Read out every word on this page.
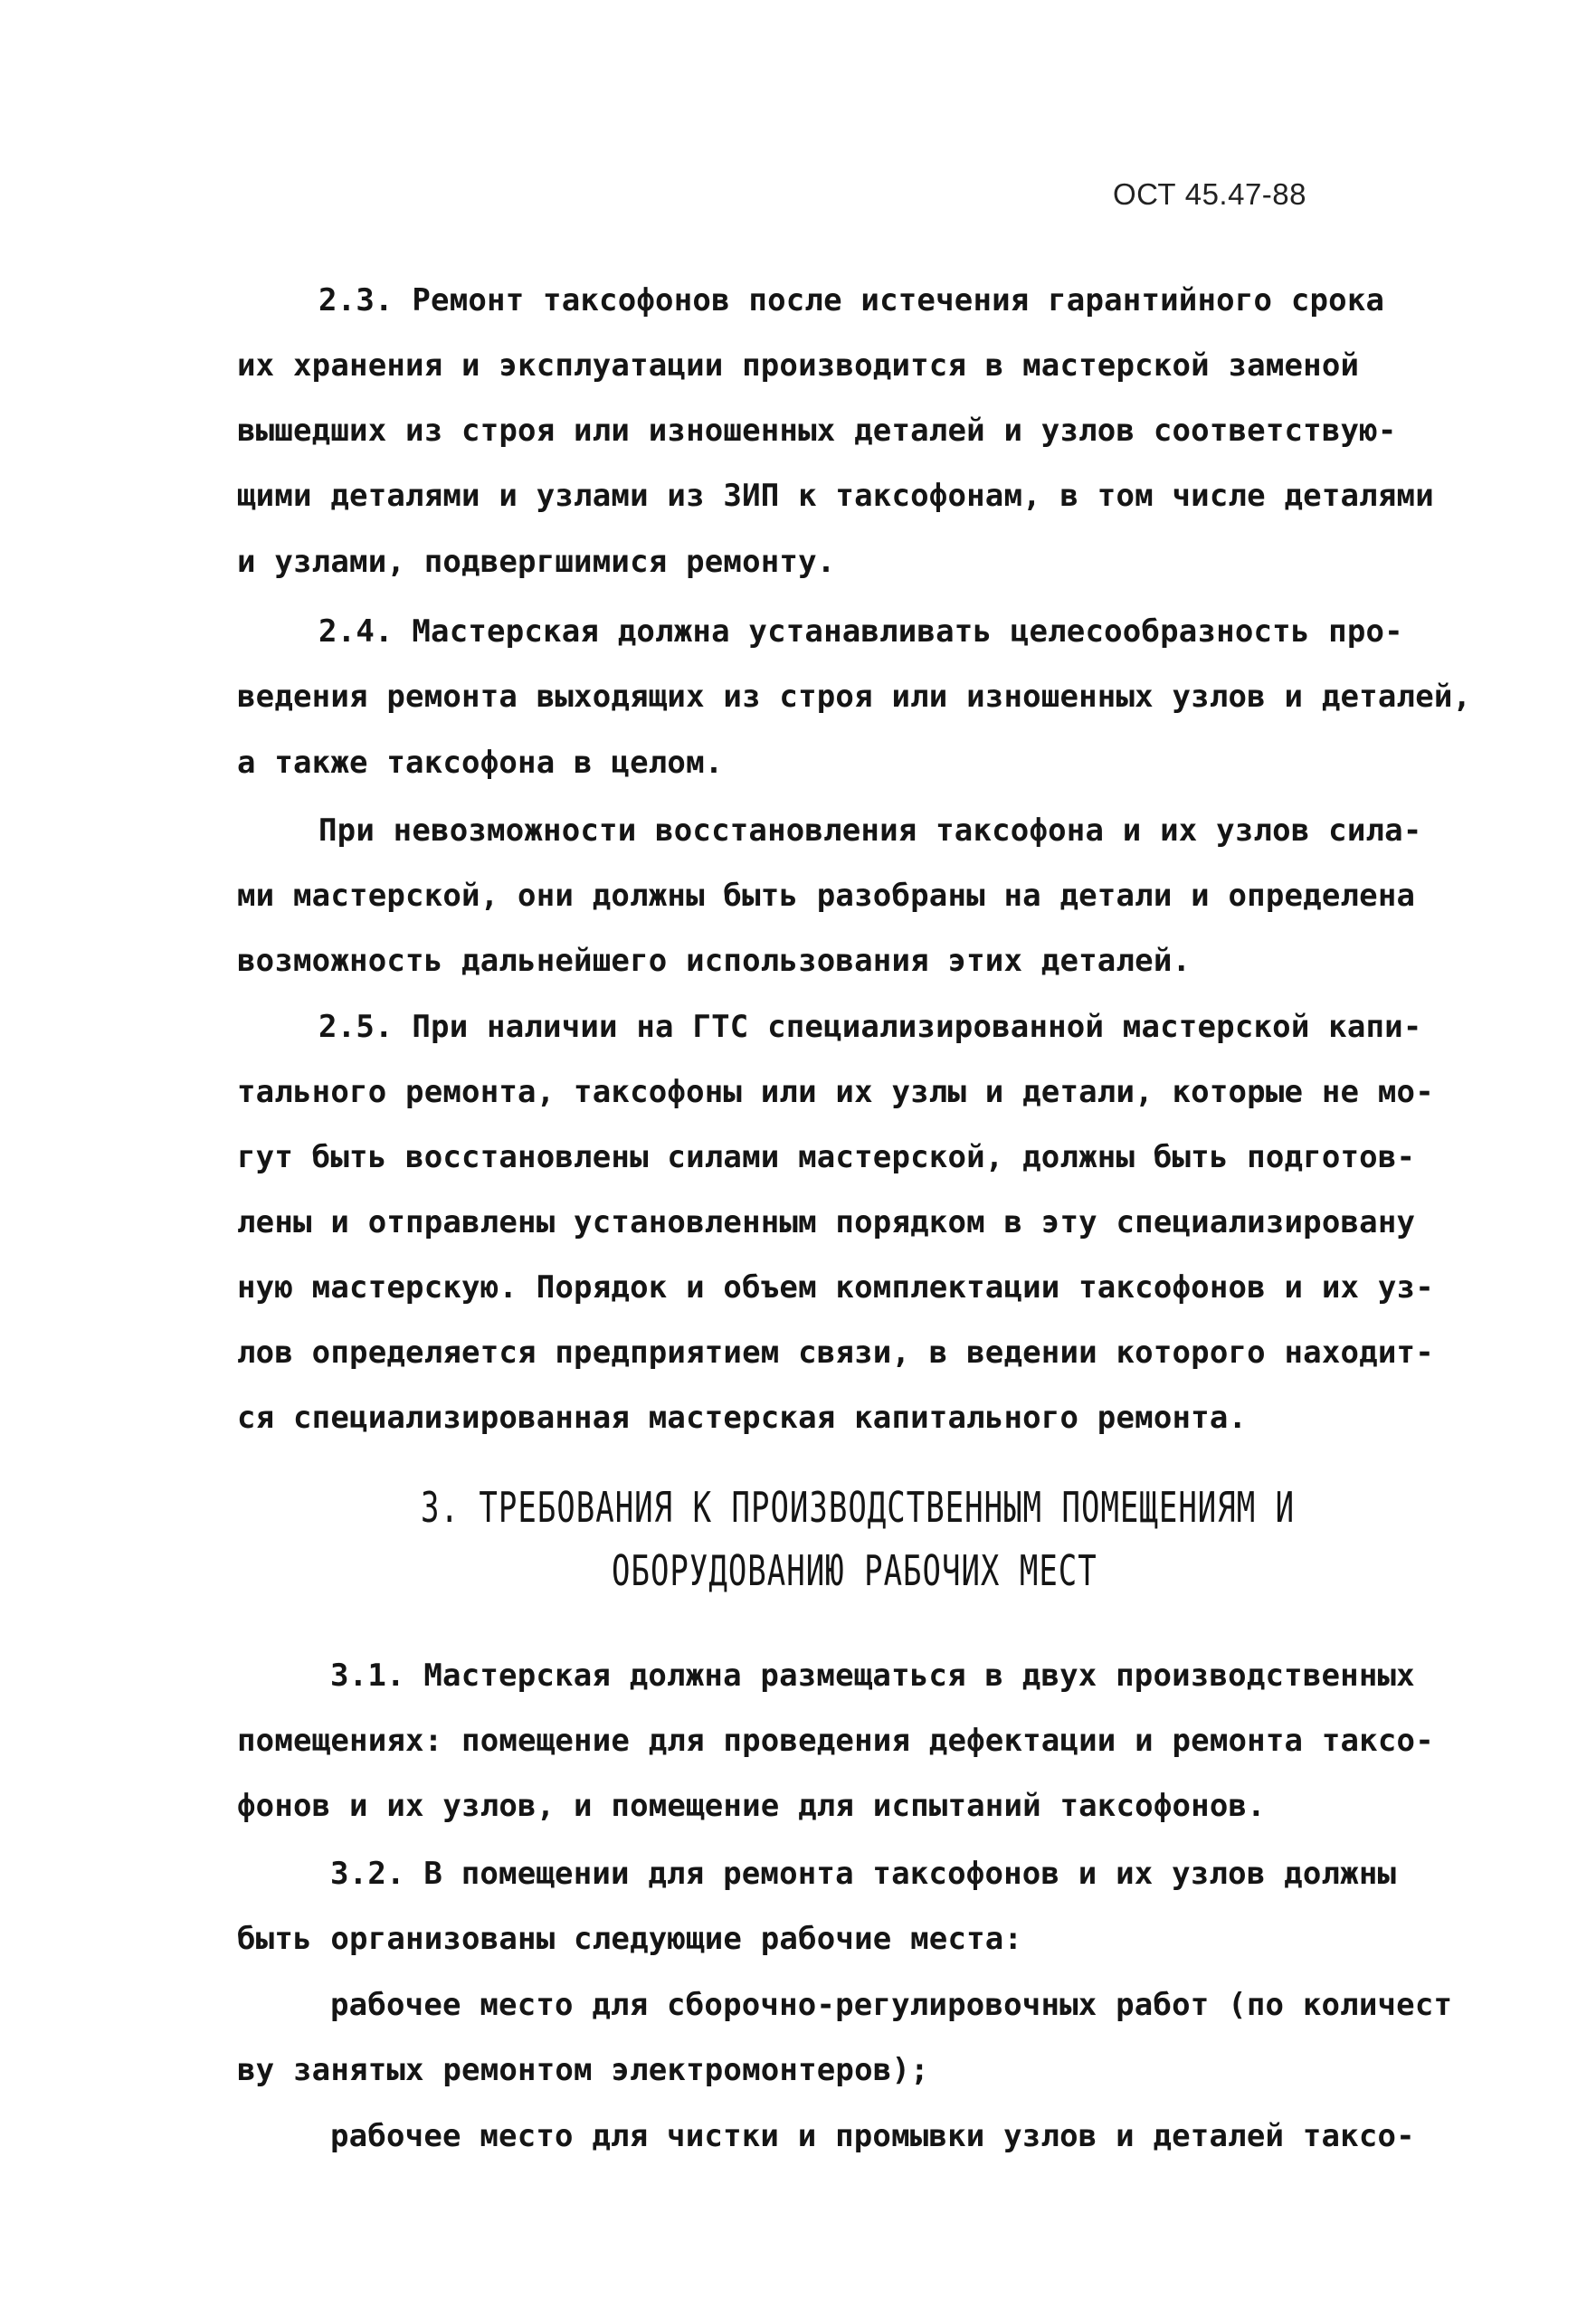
ОСТ 45.47-88
2.3. Ремонт таксофонов после истечения гарантийного срока
их хранения и эксплуатации производится в мастерской заменой
вышедших из строя или изношенных деталей и узлов соответствую-
щими деталями и узлами из ЗИП к таксофонам, в том числе деталями
и узлами, подвергшимися ремонту.
2.4. Мастерская должна устанавливать целесообразность про-
ведения ремонта выходящих из строя или изношенных узлов и деталей,
а также таксофона в целом.
При невозможности восстановления таксофона и их узлов сила-
ми мастерской, они должны быть разобраны на детали и определена
возможность дальнейшего использования этих деталей.
2.5. При наличии на ГТС специализированной мастерской капи-
тального ремонта, таксофоны или их узлы и детали, которые не мо-
гут быть восстановлены силами мастерской, должны быть подготов-
лены и отправлены установленным порядком в эту специализировану
ную мастерскую. Порядок и объем комплектации таксофонов и их уз-
лов определяется предприятием связи, в ведении которого находит-
ся специализированная мастерская капитального ремонта.
3. ТРЕБОВАНИЯ К ПРОИЗВОДСТВЕННЫМ ПОМЕЩЕНИЯМ И
ОБОРУДОВАНИЮ РАБОЧИХ МЕСТ
3.1. Мастерская должна размещаться в двух производственных
помещениях: помещение для проведения дефектации и ремонта таксо-
фонов и их узлов, и помещение для испытаний таксофонов.
3.2. В помещении для ремонта таксофонов и их узлов должны
быть организованы следующие рабочие места:
рабочее место для сборочно-регулировочных работ (по количест
ву занятых ремонтом электромонтеров);
рабочее место для чистки и промывки узлов и деталей таксо-
